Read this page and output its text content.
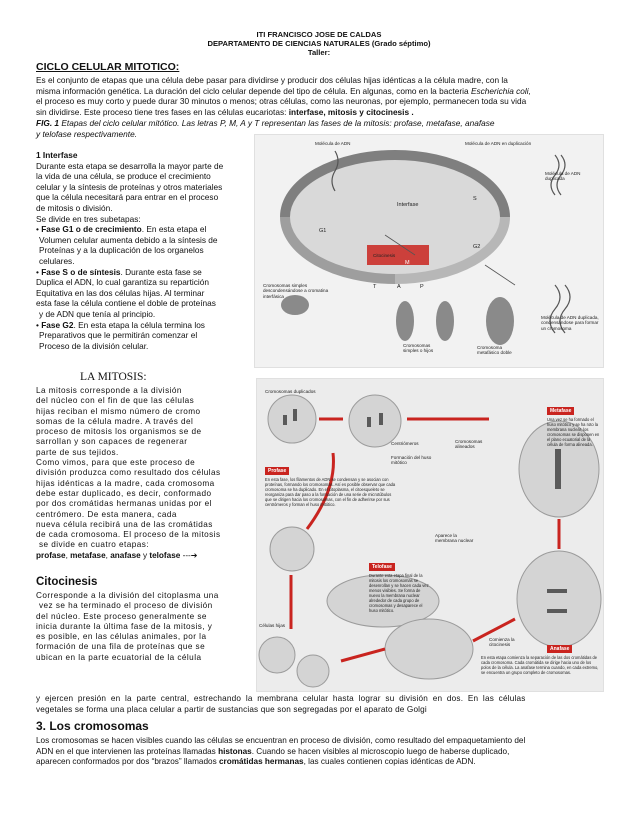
ITI FRANCISCO JOSE DE CALDAS
DEPARTAMENTO DE CIENCIAS NATURALES (Grado séptimo)
Taller:
CICLO CELULAR MITOTICO:
Es el conjunto de etapas que una célula debe pasar para dividirse y producir dos células hijas idénticas a la célula madre, con la
misma información genética. La duración del ciclo celular depende del tipo de célula. En algunas, como en la bacteria Escherichia coli,
el proceso es muy corto y puede durar 30 minutos o menos; otras células, como las neuronas, por ejemplo, permanecen toda su vida
sin dividirse. Este proceso tiene tres fases en las células eucariotas: interfase, mitosis y citocinesis .
FIG. 1 Etapas del ciclo celular mitótico. Las letras P, M, A y T representan las fases de la mitosis: profase, metafase, anafase
y telofase respectivamente.
1 Interfase
Durante esta etapa se desarrolla la mayor parte de
la vida de una célula, se produce el crecimiento
celular y la síntesis de proteínas y otros materiales
que la célula necesitará para entrar en el proceso
de mitosis o división.
Se divide en tres subetapas:
• Fase G1 o de crecimiento. En esta etapa el
Volumen celular aumenta debido a la síntesis de
Proteínas y a la duplicación de los organelos
celulares.
• Fase S o de síntesis. Durante esta fase se
Duplica el ADN, lo cual garantiza su repartición
Equitativa en las dos células hijas. Al terminar
esta fase la célula contiene el doble de proteínas
y de ADN que tenía al principio.
• Fase G2. En esta etapa la célula termina los
Preparativos que le permitirán comenzar el
Proceso de la división celular.
Molécula de ADN	Molécula de ADN en duplicación
Molécula de ADN duplicada
Interfase
S
G1
G2
Citocinesis
M
Cromosomas simples descondensándose a cromatina interfásica
T	A	P
Cromosomas simples o hijos
Cromosoma metafásico doble
Molécula de ADN duplicada, condensándose para formar un cromosoma
LA MITOSIS:
La mitosis corresponde a la división
del núcleo con el fin de que las células
hijas reciban el mismo número de cromo
somas de la célula madre. A través del
proceso de mitosis los organismos se de
sarrollan y son capaces de regenerar
parte de sus tejidos.
Como vimos, para que este proceso de
división produzca como resultado dos células
hijas idénticas a la madre, cada cromosoma
debe estar duplicado, es decir, conformado
por dos cromátidas hermanas unidas por el
centrómero. De esta manera, cada
nueva célula recibirá una de las cromátidas
de cada cromosoma. El proceso de la mitosis
se divide en cuatro etapas:
profase, metafase, anafase y telofase ---➔
Cromosomas duplicados
Centriómeros
Formación del huso mitótico
Cromosomas alineados
Metafase
Una vez se ha formado el huso mitótico y se ha roto la membrana nuclear, los cromosomas se disponen en el plano ecuatorial de la célula de forma alineada.
Profase
En esta fase, los filamentos de ADN se condensan y se asocian con proteínas, formando los cromosomas. Así es posible observar que cada cromosoma se ha duplicado. En el citoplasma, el citoesqueleto se reorganiza para dar paso a la formación de una serie de microtúbulos que se dirigen hacia los cromosomas, con el fin de adherirse por sus centrómeros y forman el huso mitótico.
Telofase
Durante esta etapa final de la mitosis los cromosomas se desenrollan y se hacen cada vez menos visibles. Se forma de nuevo la membrana nuclear alrededor de cada grupo de cromosomas y desaparece el huso mitótico.
Aparece la membrana nuclear
Células hijas
Comienza la citocinesis
Anafase
En esta etapa comienza la separación de las dos cromátidas de cada cromosoma. Cada cromátida se dirige hacia uno de los polos de la célula. La anafase termina cuando, en cada extremo, se encuentra un grupo completo de cromosomas.
Citocinesis
Corresponde a la división del citoplasma una
vez se ha terminado el proceso de división
del núcleo. Este proceso generalmente se
inicia durante la última fase de la mitosis, y
es posible, en las células animales, por la
formación de una fila de proteínas que se
ubican en la parte ecuatorial de la célula
y ejercen presión en la parte central, estrechando la membrana celular hasta lograr su división en dos. En las células
vegetales se forma una placa celular a partir de sustancias que son segregadas por el aparato de Golgi
3. Los cromosomas
Los cromosomas se hacen visibles cuando las células se encuentran en proceso de división, como resultado del empaquetamiento del
ADN en el que intervienen las proteínas llamadas histonas. Cuando se hacen visibles al microscopio luego de haberse duplicado,
aparecen conformados por dos “brazos” llamados cromátidas hermanas, las cuales contienen copias idénticas de ADN.
